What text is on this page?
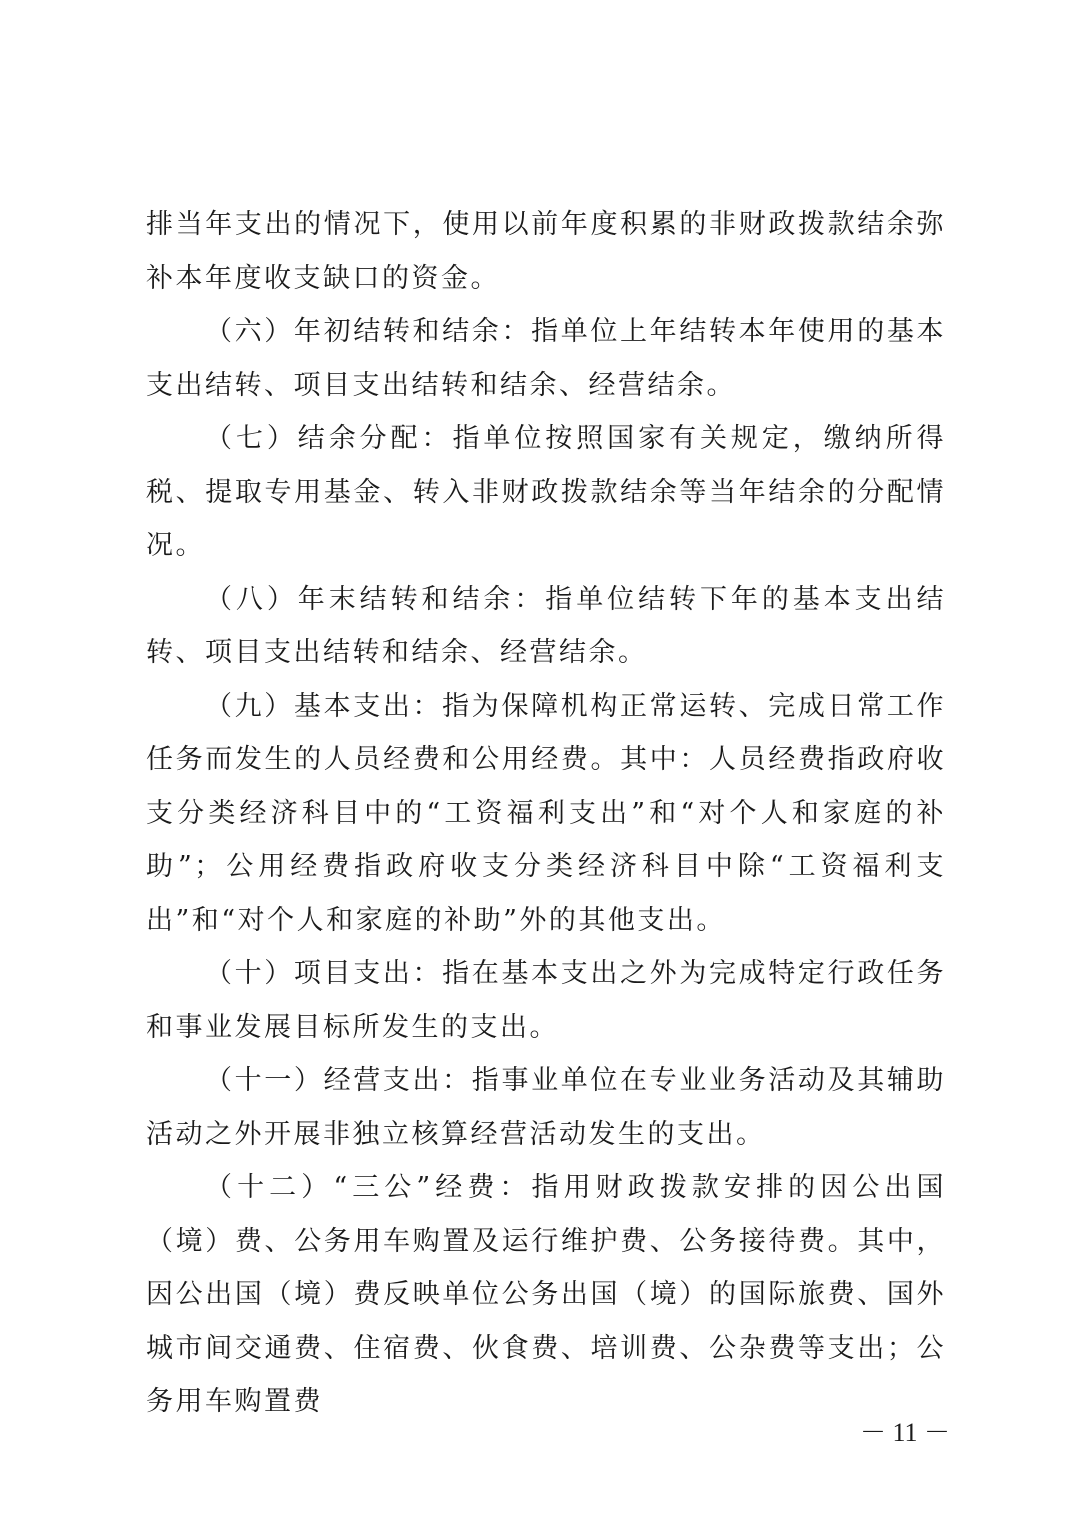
排当年支出的情况下，使用以前年度积累的非财政拨款结余弥补本年度收支缺口的资金。

（六）年初结转和结余：指单位上年结转本年使用的基本支出结转、项目支出结转和结余、经营结余。

（七）结余分配：指单位按照国家有关规定，缴纳所得税、提取专用基金、转入非财政拨款结余等当年结余的分配情况。

（八）年末结转和结余：指单位结转下年的基本支出结转、项目支出结转和结余、经营结余。

（九）基本支出：指为保障机构正常运转、完成日常工作任务而发生的人员经费和公用经费。其中：人员经费指政府收支分类经济科目中的“工资福利支出”和“对个人和家庭的补助”；公用经费指政府收支分类经济科目中除“工资福利支出”和“对个人和家庭的补助”外的其他支出。

（十）项目支出：指在基本支出之外为完成特定行政任务和事业发展目标所发生的支出。

（十一）经营支出：指事业单位在专业业务活动及其辅助活动之外开展非独立核算经营活动发生的支出。

（十二）“三公”经费：指用财政拨款安排的因公出国（境）费、公务用车购置及运行维护费、公务接待费。其中，因公出国（境）费反映单位公务出国（境）的国际旅费、国外城市间交通费、住宿费、伙食费、培训费、公杂费等支出；公务用车购置费

－ 11 －
